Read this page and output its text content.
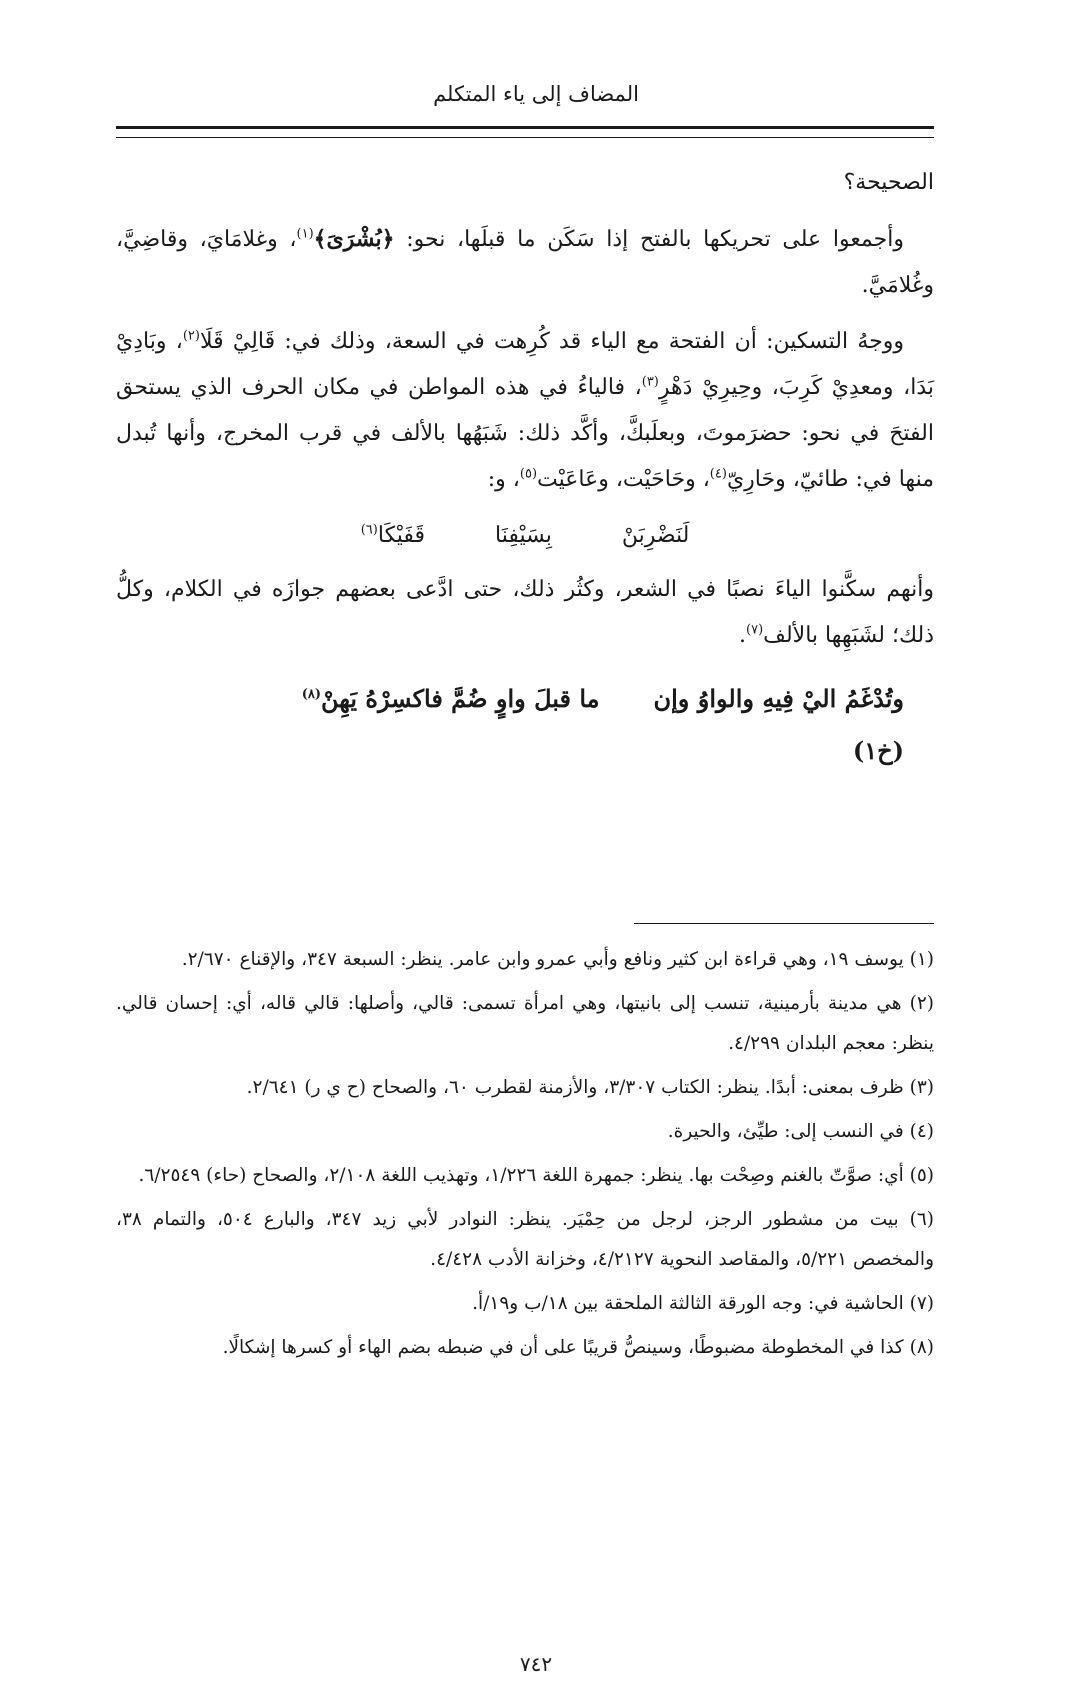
المضاف إلى ياء المتكلم

الصحيحة؟

وأجمعوا على تحريكها بالفتح إذا سَكَن ما قبلَها، نحو: ﴿بُشْرَىَ﴾$^{(١)}$، وغلامَايَ، وقاضِيَّ، وغُلامَيَّ.

ووجهُ التسكين: أن الفتحة مع الياء قد كُرِهت في السعة، وذلك في: قَالِيْ قَلَا$^{(٢)}$، وبَادِيْ بَدَا، ومعدِيْ كَرِبَ، وحِيرِيْ دَهْرٍ$^{(٣)}$، فالياءُ في هذه المواطن في مكان الحرف الذي يستحق الفتحَ في نحو: حضرَموتَ، وبعلَبكَّ، وأكَّد ذلك: شَبَهُها بالألف في قرب المخرج، وأنها تُبدل منها في: طائيّ، وحَارِيّ$^{(٤)}$، وحَاحَيْت، وعَاعَيْت$^{(٥)}$، و:

لَنَضْرِبَنْ
بِسَيْفِنَا
قَفَيْكَا$^{(٦)}$

وأنهم سكَّنوا الياءَ نصبًا في الشعر، وكثُر ذلك، حتى ادَّعى بعضهم جوازَه في الكلام، وكلُّ ذلك؛ لشَبَهِها بالألف$^{(٧)}$.

وتُدْغَمُ اليْ فِيهِ والواوُ وإن
ما قبلَ واوٍ ضُمَّ فاكسِرْهُ يَهِنْ$^{(٨)}$
(خ١)

(١) يوسف ١٩، وهي قراءة ابن كثير ونافع وأبي عمرو وابن عامر. ينظر: السبعة ٣٤٧، والإقناع ٢/٦٧٠.

(٢) هي مدينة بأرمينية، تنسب إلى بانيتها، وهي امرأة تسمى: قالي، وأصلها: قالي قاله، أي: إحسان قالي. ينظر: معجم البلدان ٤/٢٩٩.

(٣) ظرف بمعنى: أبدًا. ينظر: الكتاب ٣/٣٠٧، والأزمنة لقطرب ٦٠، والصحاح (ح ي ر) ٢/٦٤١.

(٤) في النسب إلى: طيِّئ، والحيرة.

(٥) أي: صوَّتّ بالغنم وصِحْت بها. ينظر: جمهرة اللغة ١/٢٢٦، وتهذيب اللغة ٢/١٠٨، والصحاح (حاء) ٦/٢٥٤٩.

(٦) بيت من مشطور الرجز، لرجل من حِمْيَر. ينظر: النوادر لأبي زيد ٣٤٧، والبارع ٥٠٤، والتمام ٣٨، والمخصص ٥/٢٢١، والمقاصد النحوية ٤/٢١٢٧، وخزانة الأدب ٤/٤٢٨.

(٧) الحاشية في: وجه الورقة الثالثة الملحقة بين ١٨/ب و١٩/أ.

(٨) كذا في المخطوطة مضبوطًا، وسينصُّ قريبًا على أن في ضبطه بضم الهاء أو كسرها إشكالًا.

٧٤٢
